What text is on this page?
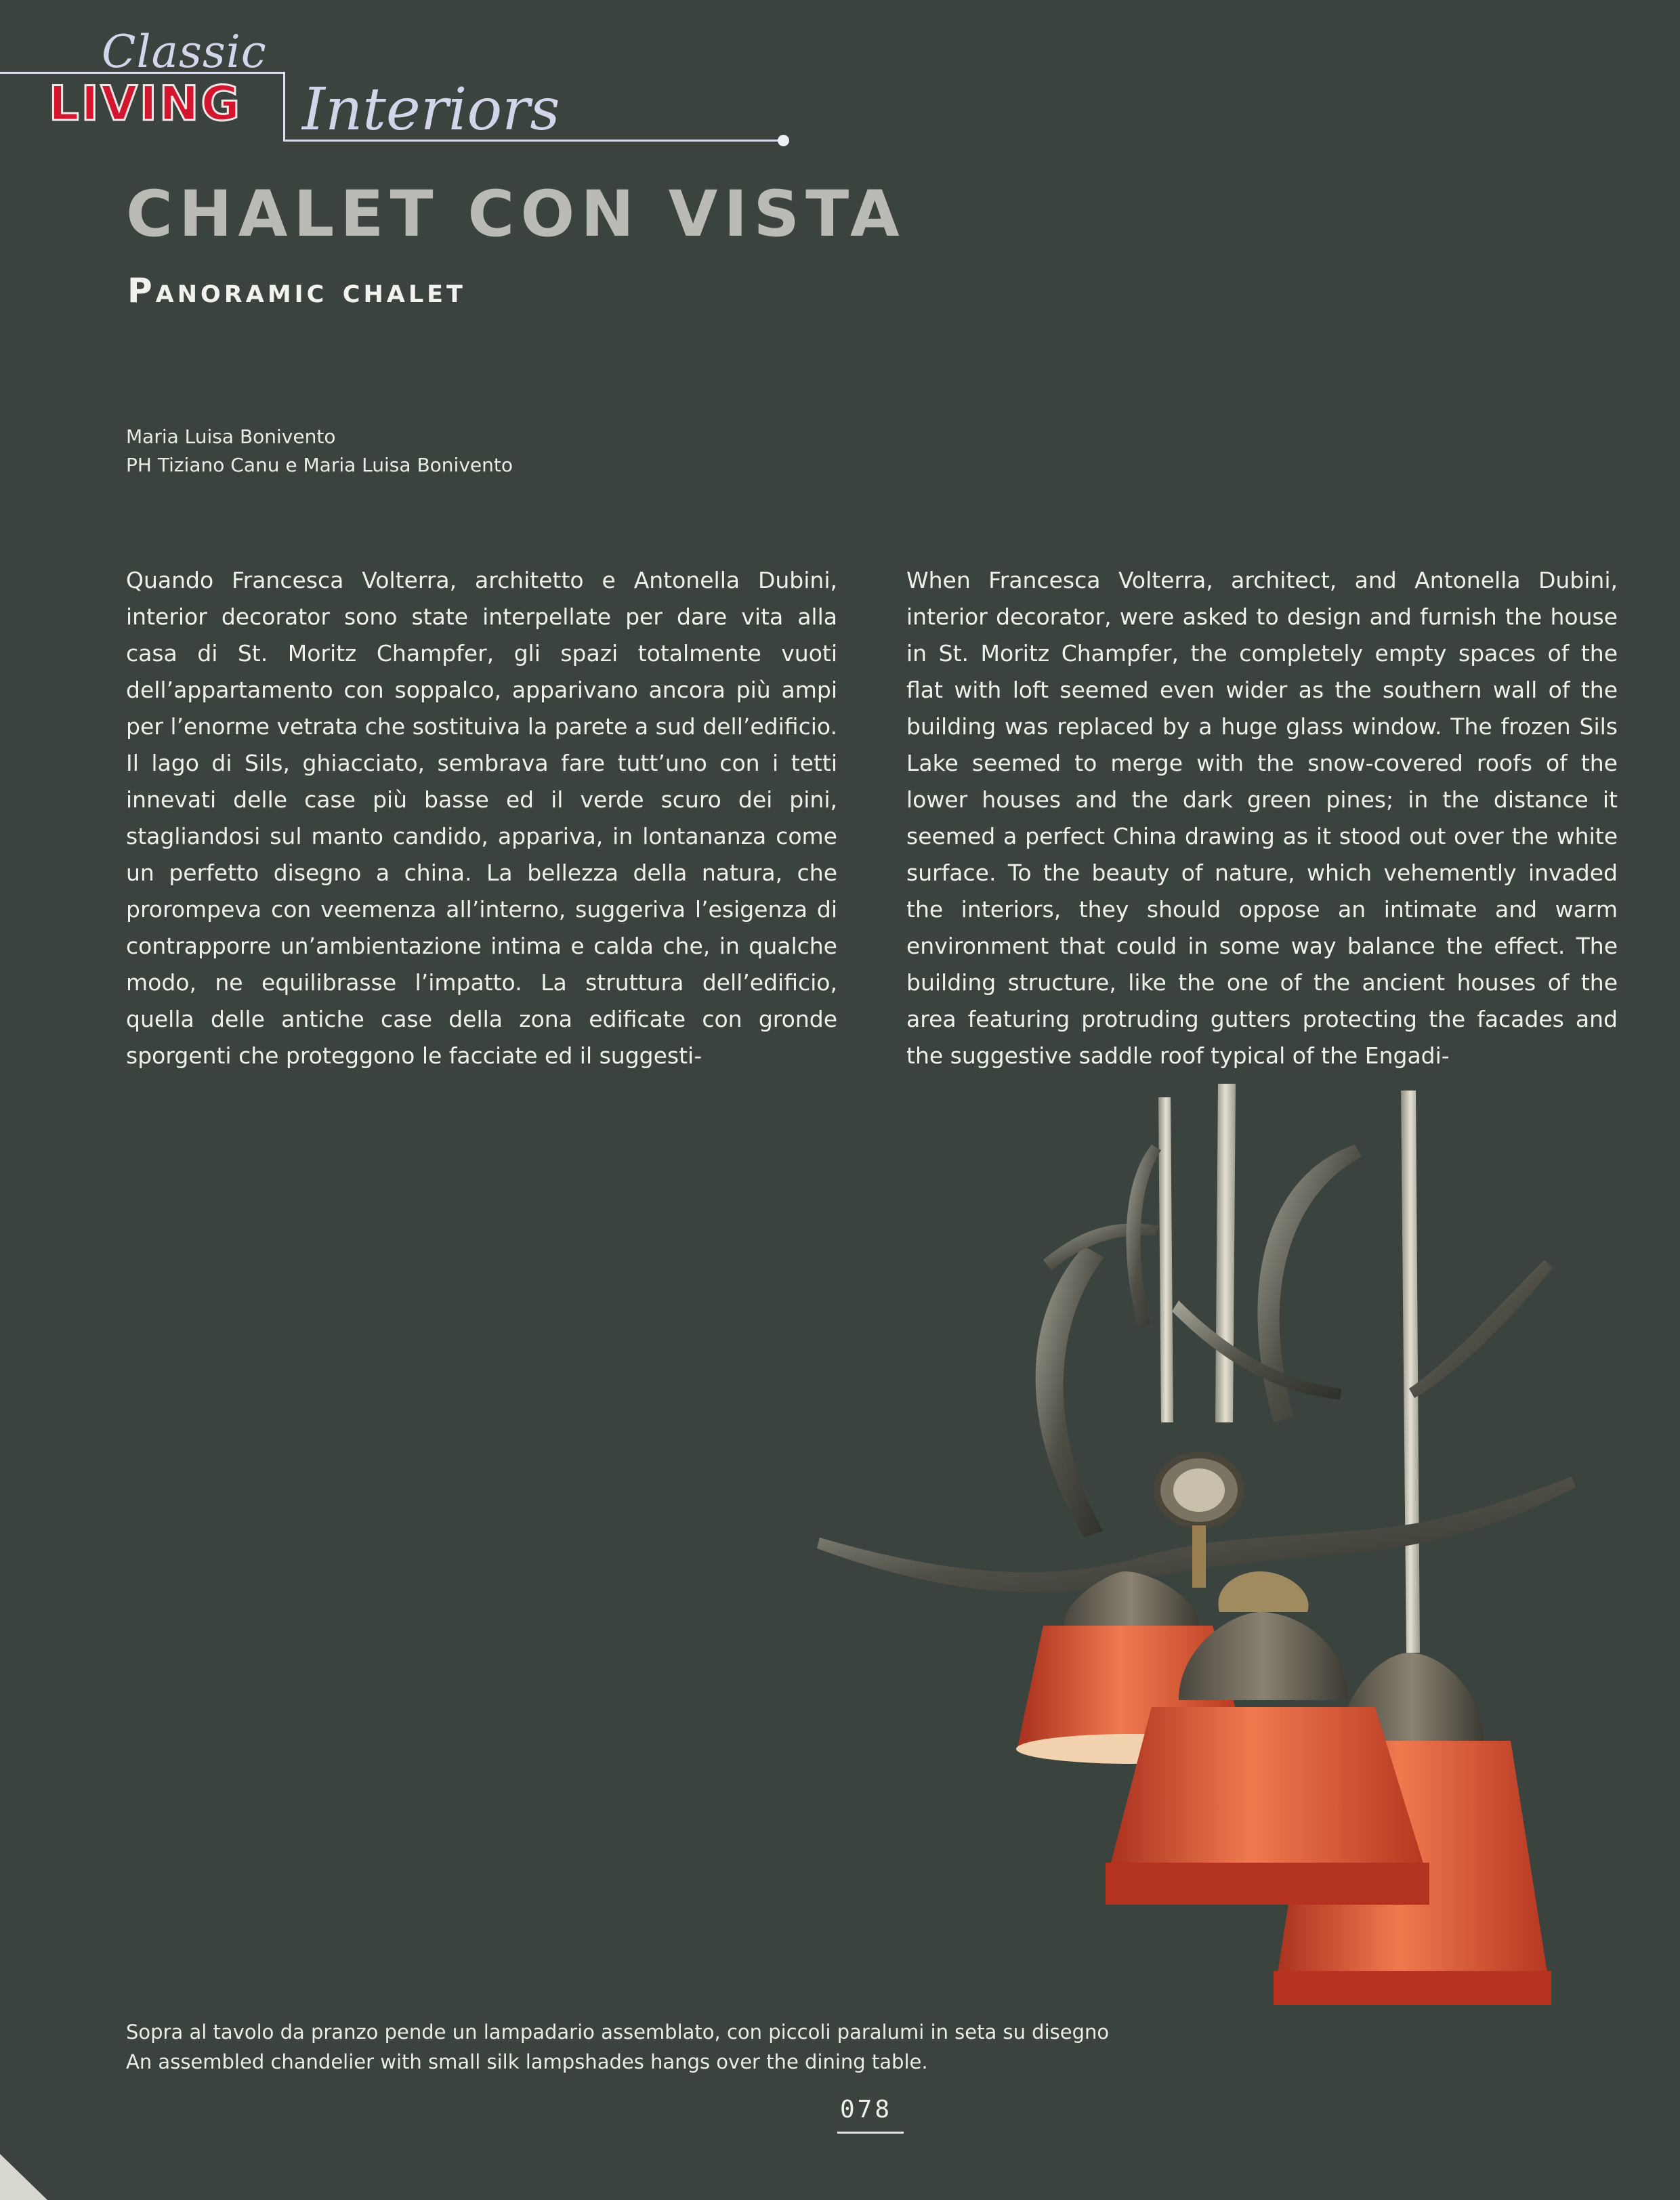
Classic
LIVING Interiors
CHALET CON VISTA
Panoramic chalet
Maria Luisa Bonivento
PH Tiziano Canu e Maria Luisa Bonivento
Quando Francesca Volterra, architetto e Antonella Dubini, interior decorator sono state interpellate per dare vita alla casa di St. Moritz Champfer, gli spazi totalmente vuoti dell’appartamento con soppalco, apparivano ancora più ampi per l’enorme vetrata che sostituiva la parete a sud dell’edificio. Il lago di Sils, ghiacciato, sembrava fare tutt’uno con i tetti innevati delle case più basse ed il verde scuro dei pini, stagliandosi sul manto candido, appariva, in lontananza come un perfetto disegno a china. La bellezza della natura, che prorompeva con veemenza all’interno, suggeriva l’esigenza di contrapporre un’ambientazione intima e calda che, in qualche modo, ne equilibrasse l’impatto. La struttura dell’edificio, quella delle antiche case della zona edificate con gronde sporgenti che proteggono le facciate ed il suggesti-
When Francesca Volterra, architect, and Antonella Dubini, interior decorator, were asked to design and furnish the house in St. Moritz Champfer, the completely empty spaces of the flat with loft seemed even wider as the southern wall of the building was replaced by a huge glass window. The frozen Sils Lake seemed to merge with the snow-covered roofs of the lower houses and the dark green pines; in the distance it seemed a perfect China drawing as it stood out over the white surface. To the beauty of nature, which vehemently invaded the interiors, they should oppose an intimate and warm environment that could in some way balance the effect. The building structure, like the one of the ancient houses of the area featuring protruding gutters protecting the facades and the suggestive saddle roof typical of the Engadi-
Sopra al tavolo da pranzo pende un lampadario assemblato, con piccoli paralumi in seta su disegno
An assembled chandelier with small silk lampshades hangs over the dining table.
078
